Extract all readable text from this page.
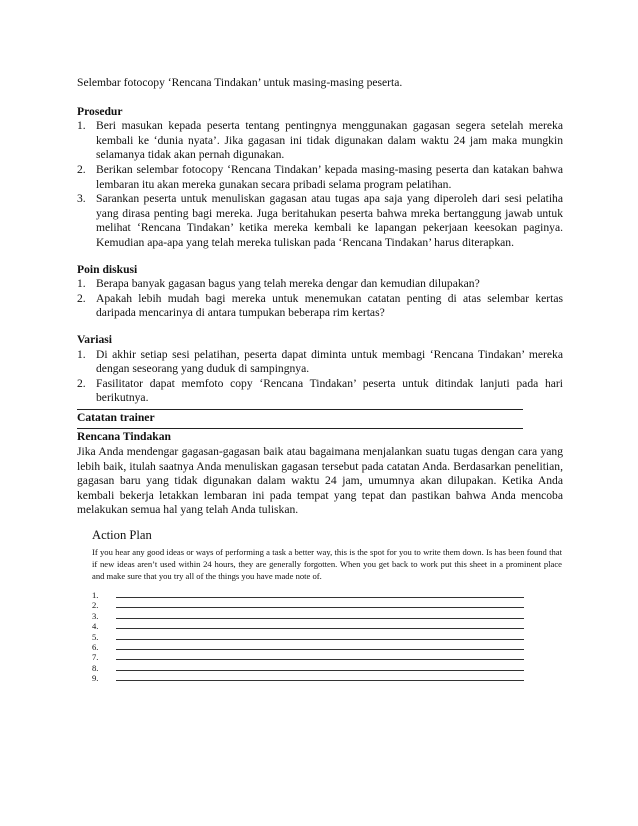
Selembar fotocopy ‘Rencana Tindakan’ untuk masing-masing peserta.

Prosedur

1. Beri masukan kepada peserta tentang pentingnya menggunakan gagasan segera setelah mereka kembali ke ‘dunia nyata’. Jika gagasan ini tidak digunakan dalam waktu 24 jam maka mungkin selamanya tidak akan pernah digunakan.
2. Berikan selembar fotocopy ‘Rencana Tindakan’ kepada masing-masing peserta dan katakan bahwa lembaran itu akan mereka gunakan secara pribadi selama program pelatihan.
3. Sarankan peserta untuk menuliskan gagasan atau tugas apa saja yang diperoleh dari sesi pelatiha yang dirasa penting bagi mereka. Juga beritahukan peserta bahwa mreka bertanggung jawab untuk melihat ‘Rencana Tindakan’ ketika mereka kembali ke lapangan pekerjaan keesokan paginya. Kemudian apa-apa yang telah mereka tuliskan pada ‘Rencana Tindakan’ harus diterapkan.

Poin diskusi

1. Berapa banyak gagasan bagus yang telah mereka dengar dan kemudian dilupakan?
2. Apakah lebih mudah bagi mereka untuk menemukan catatan penting di atas selembar kertas daripada mencarinya di antara tumpukan beberapa rim kertas?

Variasi

1. Di akhir setiap sesi pelatihan, peserta dapat diminta untuk membagi ‘Rencana Tindakan’ mereka dengan seseorang yang duduk di sampingnya.
2. Fasilitator dapat memfoto copy ‘Rencana Tindakan’ peserta untuk ditindak lanjuti pada hari berikutnya.

Catatan trainer

Rencana Tindakan

Jika Anda mendengar gagasan-gagasan baik atau bagaimana menjalankan suatu tugas dengan cara yang lebih baik, itulah saatnya Anda menuliskan gagasan tersebut pada catatan Anda. Berdasarkan penelitian, gagasan baru yang tidak digunakan dalam waktu 24 jam, umumnya akan dilupakan. Ketika Anda kembali bekerja letakkan lembaran ini pada tempat yang tepat dan pastikan bahwa Anda mencoba melakukan semua hal yang telah Anda tuliskan.

Action Plan

If you hear any good ideas or ways of performing a task a better way, this is the spot for you to write them down. Is has been found that if new ideas aren’t used within 24 hours, they are generally forgotten. When you get back to work put this sheet in a prominent place and make sure that you try all of the things you have made note of.

1.
2.
3.
4.
5.
6.
7.
8.
9.
